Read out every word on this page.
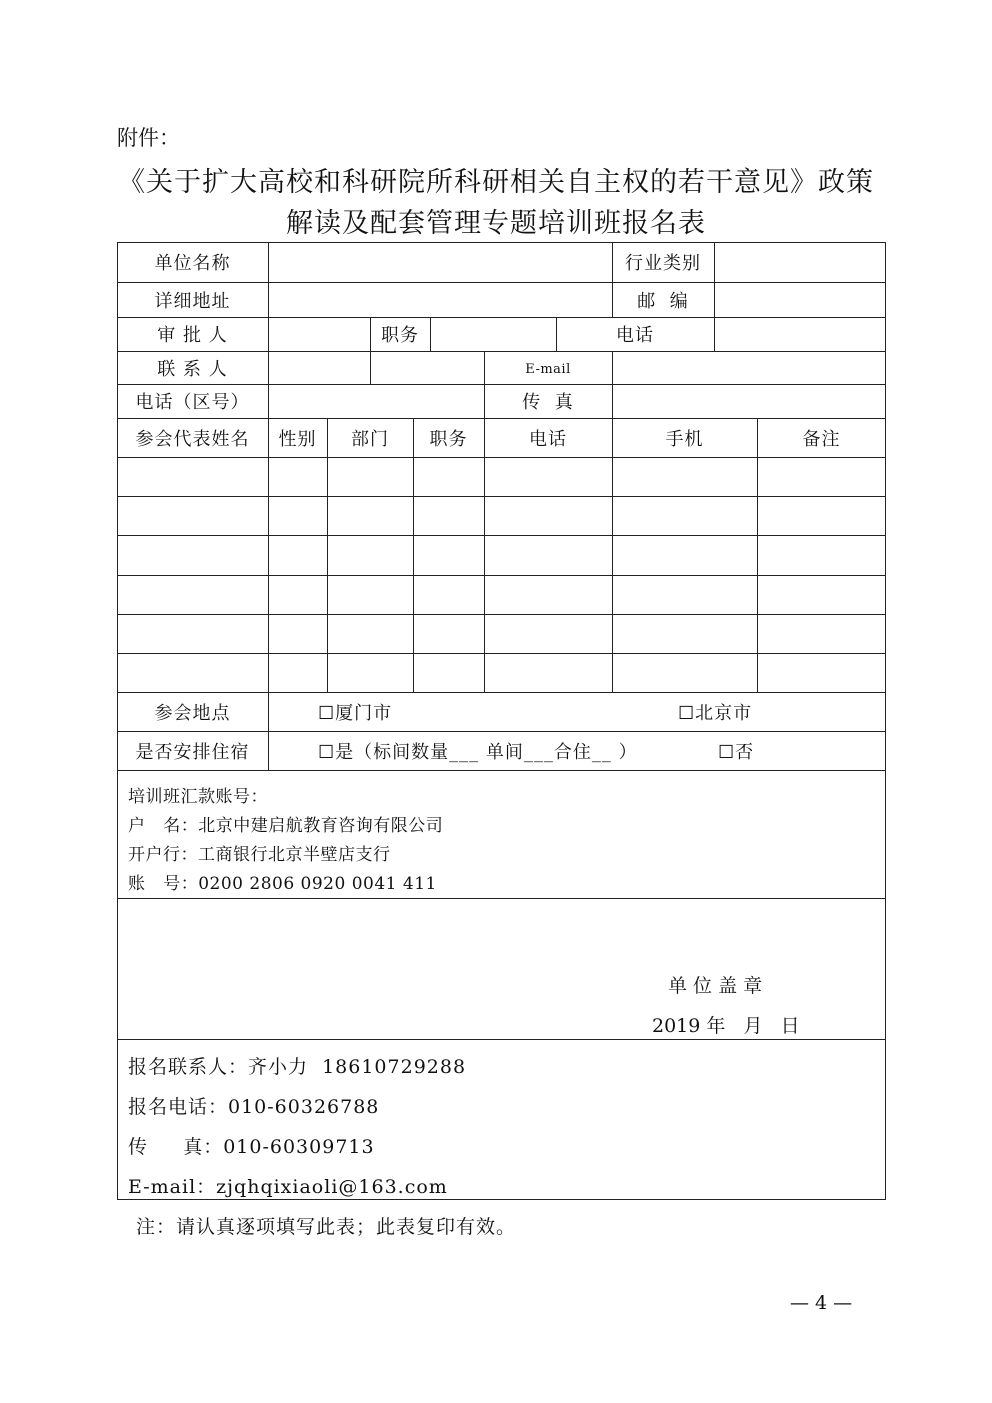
附件：
《关于扩大高校和科研院所科研相关自主权的若干意见》政策
解读及配套管理专题培训班报名表
单位名称	行业类别
详细地址	邮  编
审 批 人	职务	电话
联 系 人	E-mail
电话（区号）	传  真
参会代表姓名	性别	部门	职务	电话	手机	备注
参会地点	☐厦门市	☐北京市
是否安排住宿	☐是（标间数量___ 单间___合住__ ）	☐否
培训班汇款账号：
户   名：北京中建启航教育咨询有限公司
开户行：工商银行北京半壁店支行
账   号：0200 2806 0920 0041 411
单 位 盖 章
2019 年   月   日
报名联系人：齐小力  18610729288
报名电话：010-60326788
传     真：010-60309713
E-mail：zjqhqixiaoli@163.com
注：请认真逐项填写此表；此表复印有效。
— 4 —
